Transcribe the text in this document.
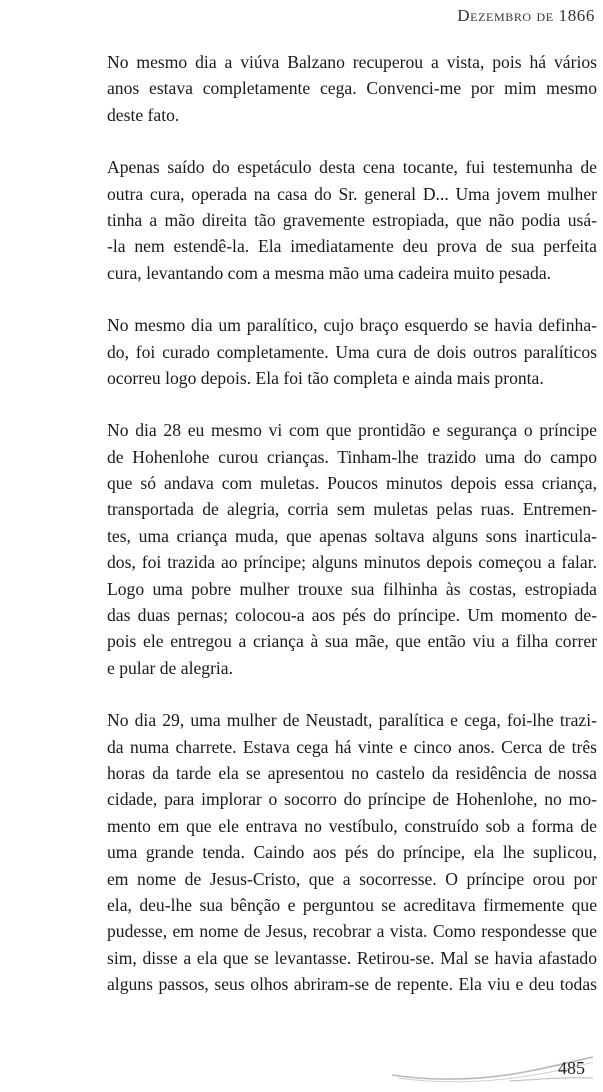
Dezembro de 1866
No mesmo dia a viúva Balzano recuperou a vista, pois há vários
anos estava completamente cega. Convenci-me por mim mesmo
deste fato.
Apenas saído do espetáculo desta cena tocante, fui testemunha de
outra cura, operada na casa do Sr. general D... Uma jovem mulher
tinha a mão direita tão gravemente estropiada, que não podia usá-
-la nem estendê-la. Ela imediatamente deu prova de sua perfeita
cura, levantando com a mesma mão uma cadeira muito pesada.
No mesmo dia um paralítico, cujo braço esquerdo se havia definha-
do, foi curado completamente. Uma cura de dois outros paralíticos
ocorreu logo depois. Ela foi tão completa e ainda mais pronta.
No dia 28 eu mesmo vi com que prontidão e segurança o príncipe
de Hohenlohe curou crianças. Tinham-lhe trazido uma do campo
que só andava com muletas. Poucos minutos depois essa criança,
transportada de alegria, corria sem muletas pelas ruas. Entremen-
tes, uma criança muda, que apenas soltava alguns sons inarticula-
dos, foi trazida ao príncipe; alguns minutos depois começou a falar.
Logo uma pobre mulher trouxe sua filhinha às costas, estropiada
das duas pernas; colocou-a aos pés do príncipe. Um momento de-
pois ele entregou a criança à sua mãe, que então viu a filha correr
e pular de alegria.
No dia 29, uma mulher de Neustadt, paralítica e cega, foi-lhe trazi-
da numa charrete. Estava cega há vinte e cinco anos. Cerca de três
horas da tarde ela se apresentou no castelo da residência de nossa
cidade, para implorar o socorro do príncipe de Hohenlohe, no mo-
mento em que ele entrava no vestíbulo, construído sob a forma de
uma grande tenda. Caindo aos pés do príncipe, ela lhe suplicou,
em nome de Jesus-Cristo, que a socorresse. O príncipe orou por
ela, deu-lhe sua bênção e perguntou se acreditava firmemente que
pudesse, em nome de Jesus, recobrar a vista. Como respondesse que
sim, disse a ela que se levantasse. Retirou-se. Mal se havia afastado
alguns passos, seus olhos abriram-se de repente. Ela viu e deu todas
485
